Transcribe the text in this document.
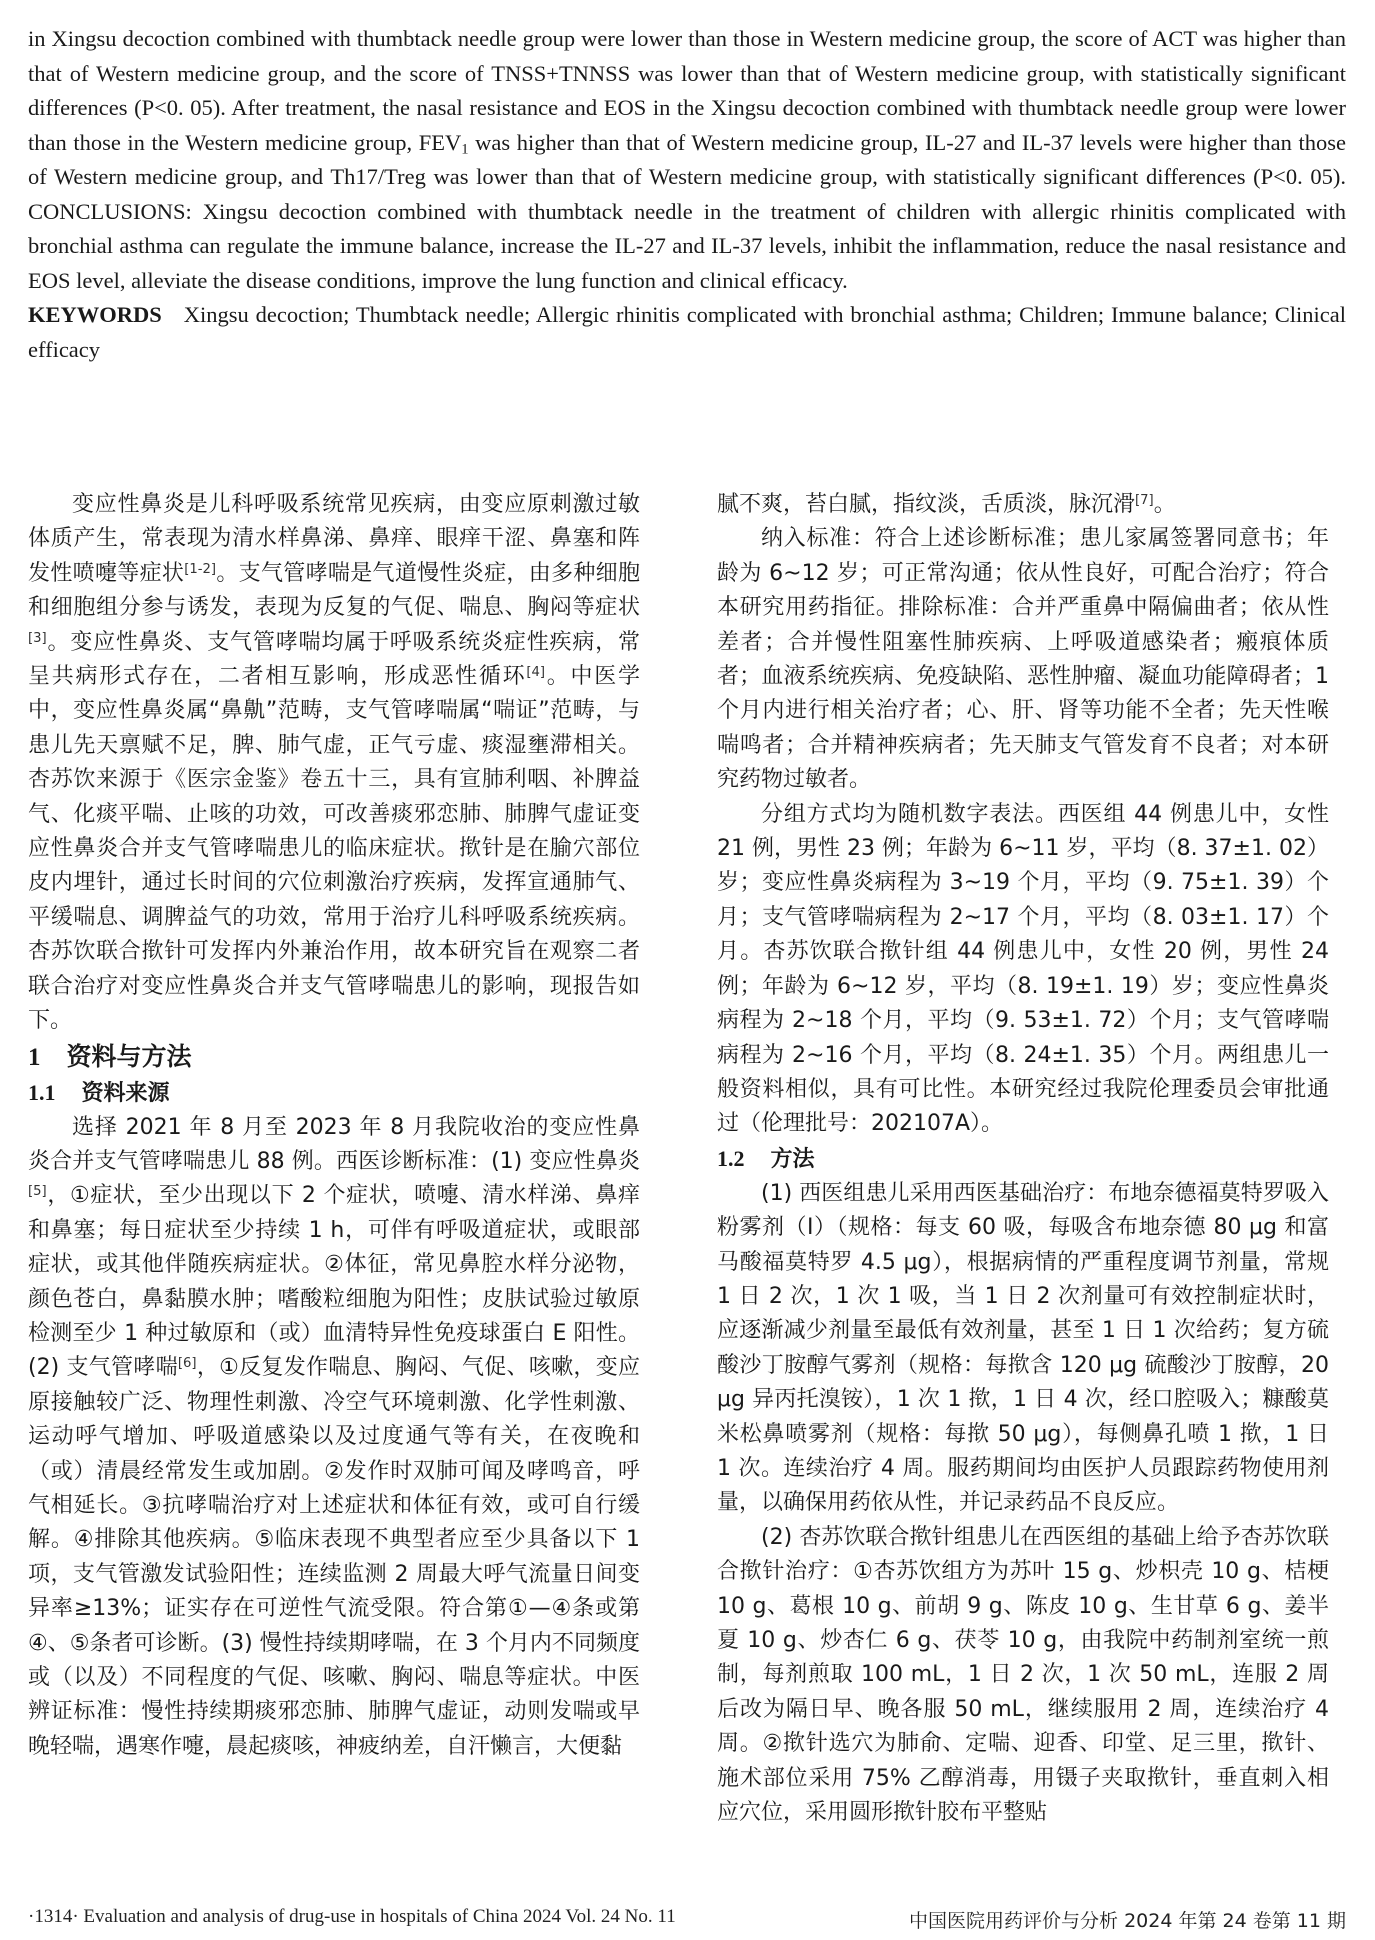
in Xingsu decoction combined with thumbtack needle group were lower than those in Western medicine group, the score of ACT was higher than that of Western medicine group, and the score of TNSS+TNNSS was lower than that of Western medicine group, with statistically significant differences (P<0. 05). After treatment, the nasal resistance and EOS in the Xingsu decoction combined with thumbtack needle group were lower than those in the Western medicine group, $FEV_1$ was higher than that of Western medicine group, IL-27 and IL-37 levels were higher than those of Western medicine group, and Th17/Treg was lower than that of Western medicine group, with statistically significant differences (P<0. 05). CONCLUSIONS: Xingsu decoction combined with thumbtack needle in the treatment of children with allergic rhinitis complicated with bronchial asthma can regulate the immune balance, increase the IL-27 and IL-37 levels, inhibit the inflammation, reduce the nasal resistance and EOS level, alleviate the disease conditions, improve the lung function and clinical efficacy.

KEYWORDS Xingsu decoction; Thumbtack needle; Allergic rhinitis complicated with bronchial asthma; Children; Immune balance; Clinical efficacy

变应性鼻炎是儿科呼吸系统常见疾病，由变应原刺激过敏体质产生，常表现为清水样鼻涕、鼻痒、眼痒干涩、鼻塞和阵发性喷嚏等症状[1-2]。支气管哮喘是气道慢性炎症，由多种细胞和细胞组分参与诱发，表现为反复的气促、喘息、胸闷等症状[3]。变应性鼻炎、支气管哮喘均属于呼吸系统炎症性疾病，常呈共病形式存在，二者相互影响，形成恶性循环[4]。中医学中，变应性鼻炎属“鼻鼽”范畴，支气管哮喘属“喘证”范畴，与患儿先天禀赋不足，脾、肺气虚，正气亏虚、痰湿壅滞相关。杏苏饮来源于《医宗金鉴》卷五十三，具有宣肺利咽、补脾益气、化痰平喘、止咳的功效，可改善痰邪恋肺、肺脾气虚证变应性鼻炎合并支气管哮喘患儿的临床症状。揿针是在腧穴部位皮内埋针，通过长时间的穴位刺激治疗疾病，发挥宣通肺气、平缓喘息、调脾益气的功效，常用于治疗儿科呼吸系统疾病。杏苏饮联合揿针可发挥内外兼治作用，故本研究旨在观察二者联合治疗对变应性鼻炎合并支气管哮喘患儿的影响，现报告如下。

1 资料与方法

1.1 资料来源

选择 2021 年 8 月至 2023 年 8 月我院收治的变应性鼻炎合并支气管哮喘患儿 88 例。西医诊断标准：(1) 变应性鼻炎[5]，①症状，至少出现以下 2 个症状，喷嚏、清水样涕、鼻痒和鼻塞；每日症状至少持续 1 h，可伴有呼吸道症状，或眼部症状，或其他伴随疾病症状。②体征，常见鼻腔水样分泌物，颜色苍白，鼻黏膜水肿；嗜酸粒细胞为阳性；皮肤试验过敏原检测至少 1 种过敏原和（或）血清特异性免疫球蛋白 E 阳性。(2) 支气管哮喘[6]，①反复发作喘息、胸闷、气促、咳嗽，变应原接触较广泛、物理性刺激、冷空气环境刺激、化学性刺激、运动呼气增加、呼吸道感染以及过度通气等有关，在夜晚和（或）清晨经常发生或加剧。②发作时双肺可闻及哮鸣音，呼气相延长。③抗哮喘治疗对上述症状和体征有效，或可自行缓解。④排除其他疾病。⑤临床表现不典型者应至少具备以下 1 项，支气管激发试验阳性；连续监测 2 周最大呼气流量日间变异率≥13%；证实存在可逆性气流受限。符合第①—④条或第④、⑤条者可诊断。(3) 慢性持续期哮喘，在 3 个月内不同频度或（以及）不同程度的气促、咳嗽、胸闷、喘息等症状。中医辨证标准：慢性持续期痰邪恋肺、肺脾气虚证，动则发喘或早晚轻喘，遇寒作嚏，晨起痰咳，神疲纳差，自汗懒言，大便黏

腻不爽，苔白腻，指纹淡，舌质淡，脉沉滑[7]。

纳入标准：符合上述诊断标准；患儿家属签署同意书；年龄为 6~12 岁；可正常沟通；依从性良好，可配合治疗；符合本研究用药指征。排除标准：合并严重鼻中隔偏曲者；依从性差者；合并慢性阻塞性肺疾病、上呼吸道感染者；瘢痕体质者；血液系统疾病、免疫缺陷、恶性肿瘤、凝血功能障碍者；1 个月内进行相关治疗者；心、肝、肾等功能不全者；先天性喉喘鸣者；合并精神疾病者；先天肺支气管发育不良者；对本研究药物过敏者。

分组方式均为随机数字表法。西医组 44 例患儿中，女性 21 例，男性 23 例；年龄为 6~11 岁，平均（8. 37±1. 02）岁；变应性鼻炎病程为 3~19 个月，平均（9. 75±1. 39）个月；支气管哮喘病程为 2~17 个月，平均（8. 03±1. 17）个月。杏苏饮联合揿针组 44 例患儿中，女性 20 例，男性 24 例；年龄为 6~12 岁，平均（8. 19±1. 19）岁；变应性鼻炎病程为 2~18 个月，平均（9. 53±1. 72）个月；支气管哮喘病程为 2~16 个月，平均（8. 24±1. 35）个月。两组患儿一般资料相似，具有可比性。本研究经过我院伦理委员会审批通过（伦理批号：202107A）。

1.2 方法

(1) 西医组患儿采用西医基础治疗：布地奈德福莫特罗吸入粉雾剂（Ⅰ）（规格：每支 60 吸，每吸含布地奈德 80 μg 和富马酸福莫特罗 4.5 μg），根据病情的严重程度调节剂量，常规 1 日 2 次，1 次 1 吸，当 1 日 2 次剂量可有效控制症状时，应逐渐减少剂量至最低有效剂量，甚至 1 日 1 次给药；复方硫酸沙丁胺醇气雾剂（规格：每揿含 120 μg 硫酸沙丁胺醇，20 μg 异丙托溴铵），1 次 1 揿，1 日 4 次，经口腔吸入；糠酸莫米松鼻喷雾剂（规格：每揿 50 μg），每侧鼻孔喷 1 揿，1 日 1 次。连续治疗 4 周。服药期间均由医护人员跟踪药物使用剂量，以确保用药依从性，并记录药品不良反应。

(2) 杏苏饮联合揿针组患儿在西医组的基础上给予杏苏饮联合揿针治疗：①杏苏饮组方为苏叶 15 g、炒枳壳 10 g、桔梗 10 g、葛根 10 g、前胡 9 g、陈皮 10 g、生甘草 6 g、姜半夏 10 g、炒杏仁 6 g、茯苓 10 g，由我院中药制剂室统一煎制，每剂煎取 100 mL，1 日 2 次，1 次 50 mL，连服 2 周后改为隔日早、晚各服 50 mL，继续服用 2 周，连续治疗 4 周。②揿针选穴为肺俞、定喘、迎香、印堂、足三里，揿针、施术部位采用 75% 乙醇消毒，用镊子夹取揿针，垂直刺入相应穴位，采用圆形揿针胶布平整贴

·1314· Evaluation and analysis of drug-use in hospitals of China 2024 Vol. 24 No. 11	中国医院用药评价与分析 2024 年第 24 卷第 11 期
